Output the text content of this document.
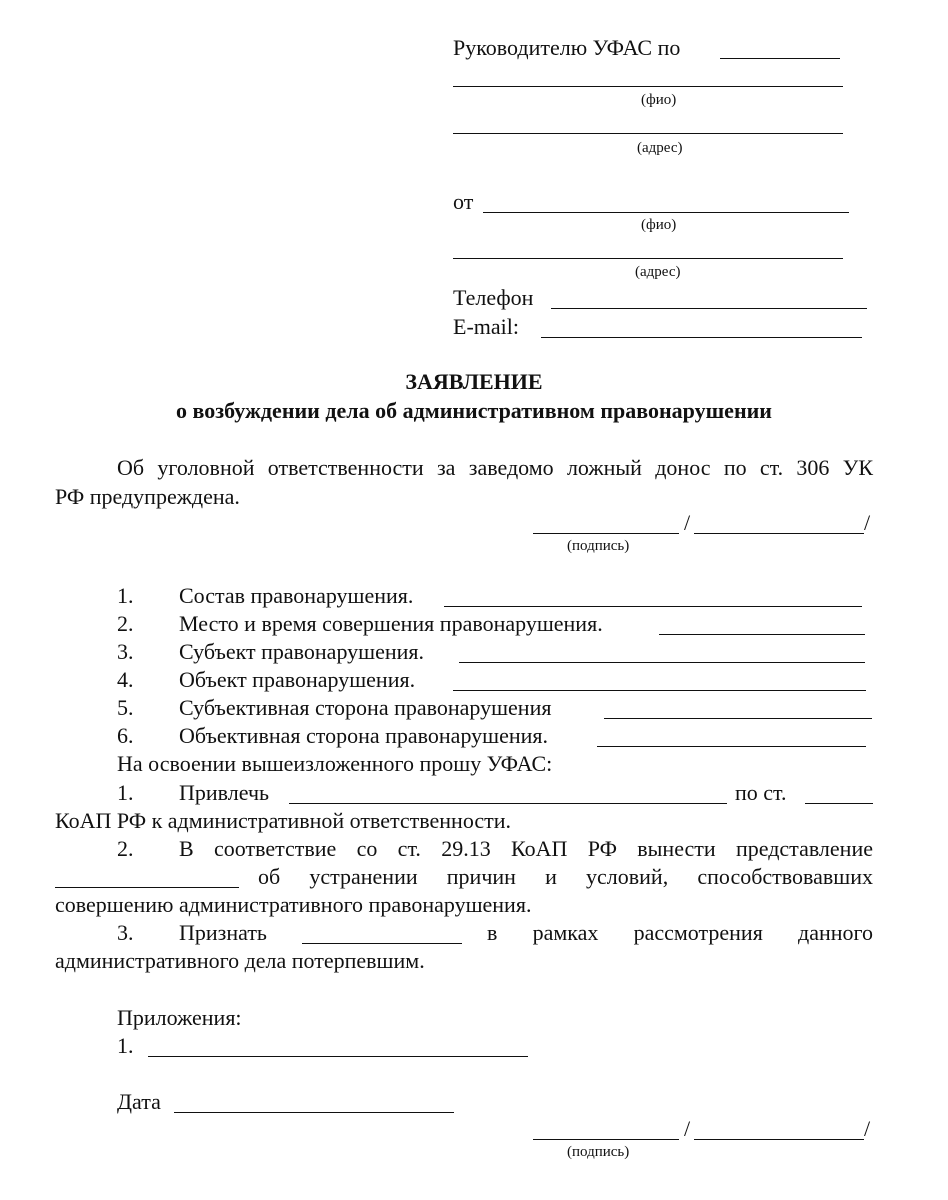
Руководителю УФАС по
(фио)
(адрес)
от
(фио)
(адрес)
Телефон
E-mail:
ЗАЯВЛЕНИЕ
о возбуждении дела об административном правонарушении
Об уголовной ответственности за заведомо ложный донос по ст. 306 УК
РФ предупреждена.
/	/
(подпись)
1. Состав правонарушения.
2. Место и время совершения правонарушения.
3. Субъект правонарушения.
4. Объект правонарушения.
5. Субъективная сторона правонарушения
6. Объективная сторона правонарушения.
На освоении вышеизложенного прошу УФАС:
1. Привлечь	по ст.
КоАП РФ к административной ответственности.
2. В соответствие со ст. 29.13 КоАП РФ вынести представление
об устранении причин и условий, способствовавших
совершению административного правонарушения.
3. Признать	в рамках рассмотрения данного
административного дела потерпевшим.
Приложения:
1.
Дата
/	/
(подпись)
